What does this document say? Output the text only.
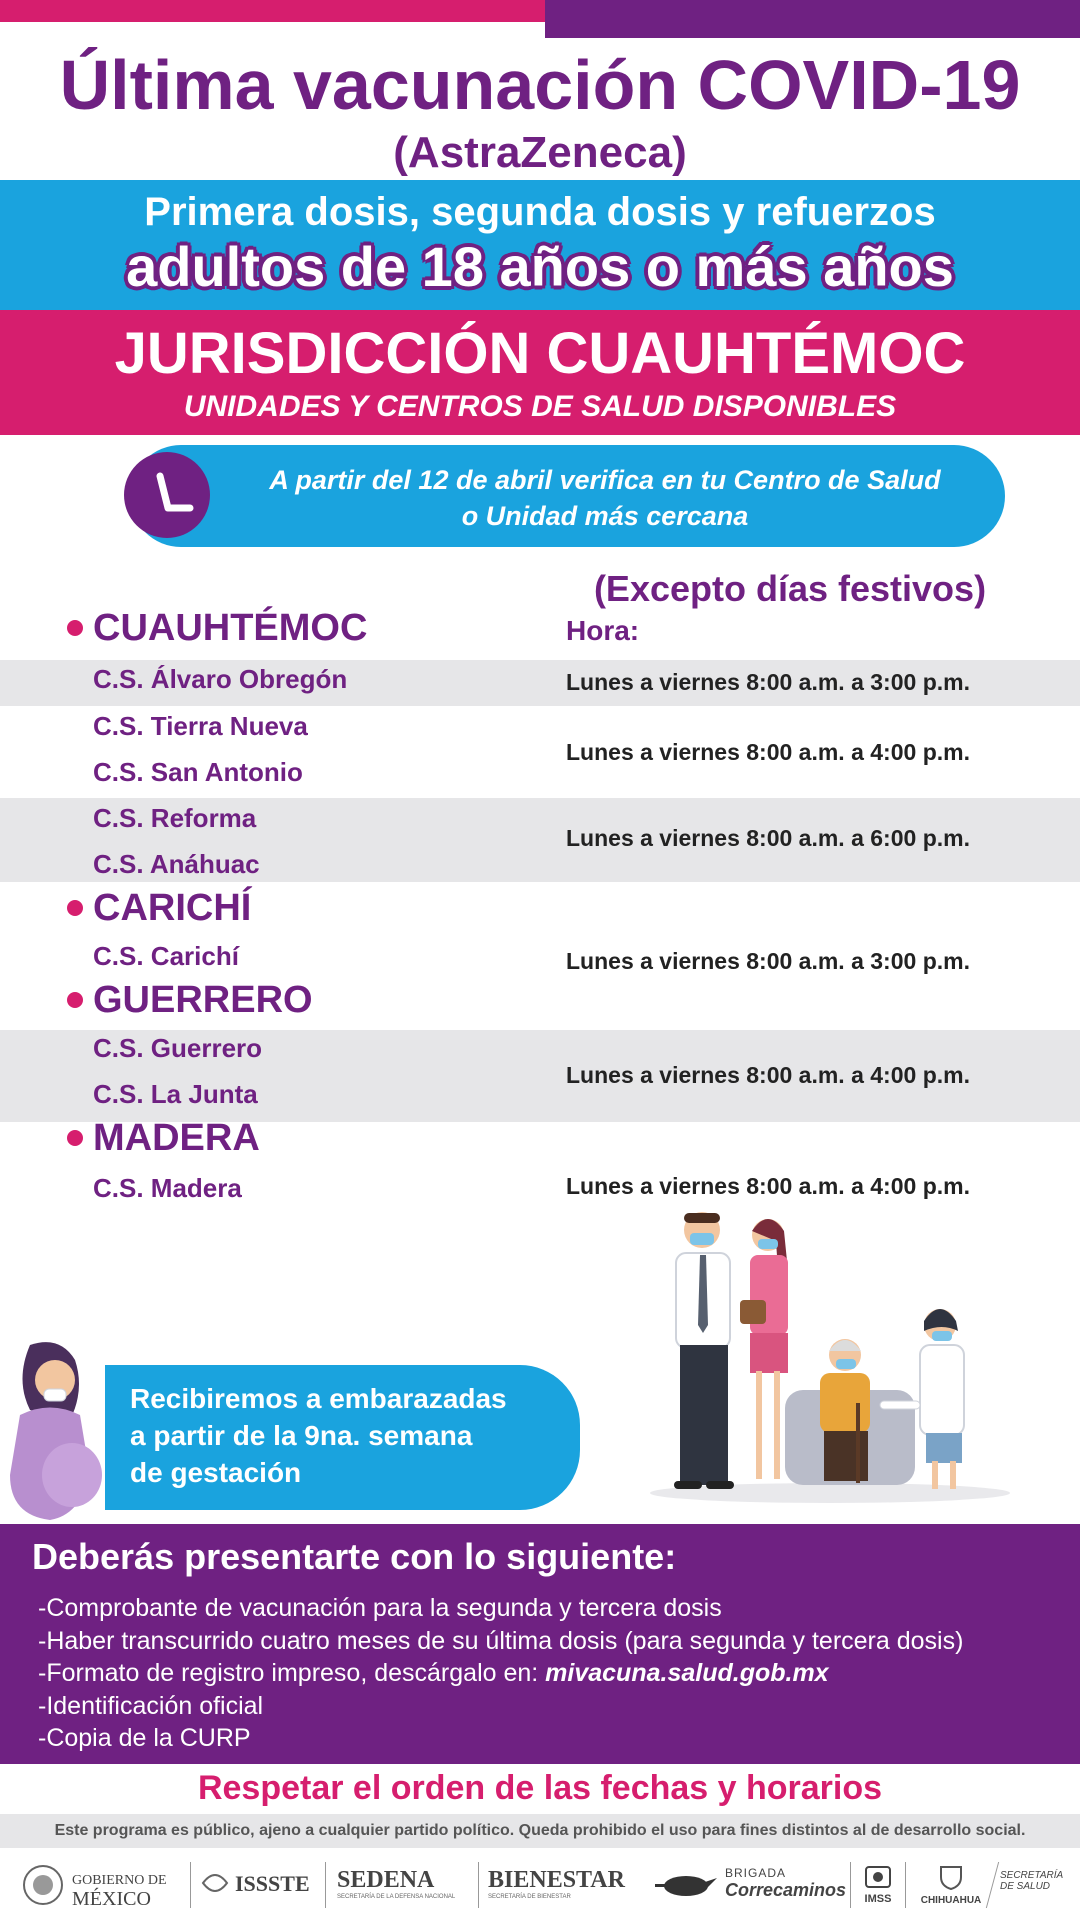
Última vacunación COVID-19
(AstraZeneca)
Primera dosis, segunda dosis y refuerzos
adultos de 18 años o más años
JURISDICCIÓN CUAUHTÉMOC
UNIDADES Y CENTROS DE SALUD DISPONIBLES
A partir del 12 de abril verifica en tu Centro de Salud
o Unidad más cercana
(Excepto días festivos)
CUAUHTÉMOC	Hora:
C.S. Álvaro Obregón	Lunes a viernes 8:00 a.m. a 3:00 p.m.
C.S. Tierra Nueva
C.S. San Antonio
Lunes a viernes 8:00 a.m. a 4:00 p.m.
C.S. Reforma
C.S. Anáhuac
Lunes a viernes 8:00 a.m. a 6:00 p.m.
CARICHÍ
C.S. Carichí	Lunes a viernes 8:00 a.m. a 3:00 p.m.
GUERRERO
C.S. Guerrero
C.S. La Junta
Lunes a viernes 8:00 a.m. a 4:00 p.m.
MADERA
C.S. Madera	Lunes a viernes 8:00 a.m. a 4:00 p.m.
Recibiremos a embarazadas
a partir de la 9na. semana
de gestación
Deberás presentarte con lo siguiente:
-Comprobante de vacunación para la segunda y tercera dosis
-Haber transcurrido cuatro meses de su última dosis (para segunda y tercera dosis)
-Formato de registro impreso, descárgalo en: mivacuna.salud.gob.mx
-Identificación oficial
-Copia de la CURP
Respetar el orden de las fechas y horarios
Este programa es público, ajeno a cualquier partido político. Queda prohibido el uso para fines distintos al de desarrollo social.
GOBIERNO DE
MÉXICO
ISSSTE SEDENA
SECRETARÍA DE LA DEFENSA NACIONAL
BIENESTAR
SECRETARÍA DE BIENESTAR
BRIGADA
Correcaminos	IMSS	CHIHUAHUA
SECRETARÍA
DE SALUD
